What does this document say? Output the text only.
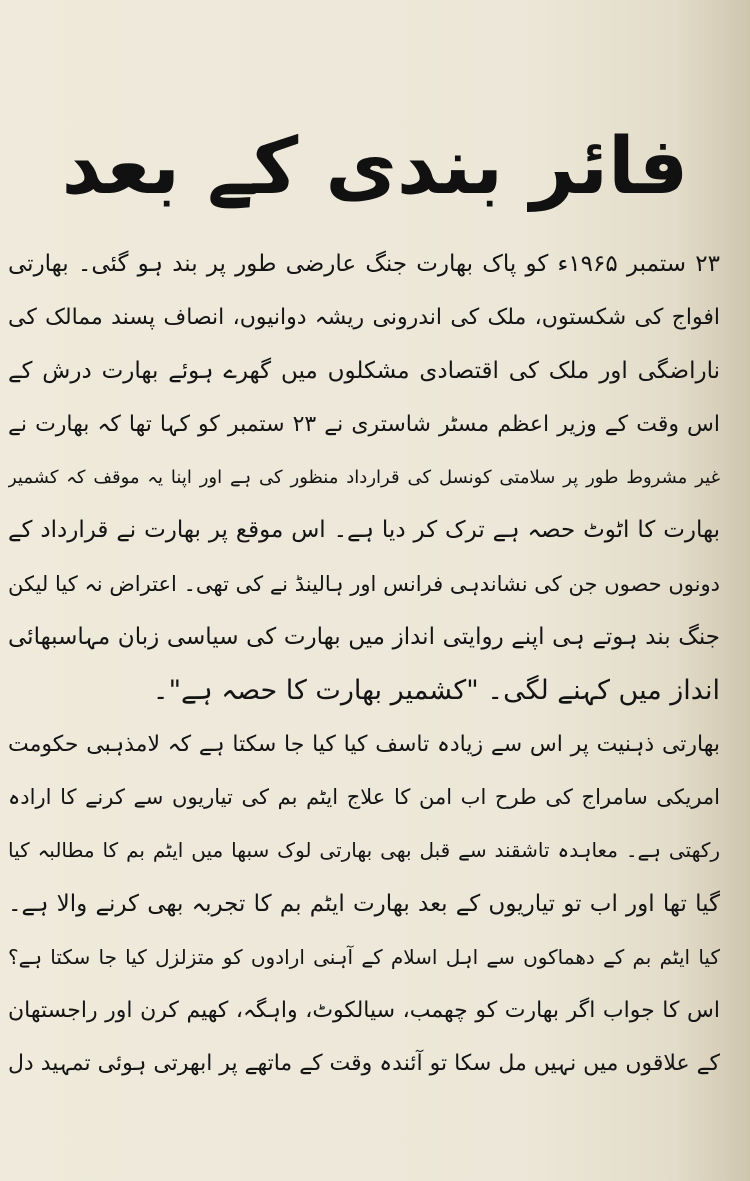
فائر بندی کے بعد
۲۳ ستمبر ۱۹۶۵ء کو پاک بھارت جنگ عارضی طور پر بند ہو گئی۔ بھارتی
افواج کی شکستوں، ملک کی اندرونی ریشہ دوانیوں، انصاف پسند ممالک کی
ناراضگی اور ملک کی اقتصادی مشکلوں میں گھرے ہوئے بھارت درش کے
اس وقت کے وزیر اعظم مسٹر شاستری نے ۲۳ ستمبر کو کہا تھا کہ بھارت نے
غیر مشروط طور پر سلامتی کونسل کی قرارداد منظور کی ہے اور اپنا یہ موقف کہ کشمیر
بھارت کا اٹوٹ حصہ ہے ترک کر دیا ہے۔ اس موقع پر بھارت نے قرارداد کے
دونوں حصوں جن کی نشاندہی فرانس اور ہالینڈ نے کی تھی۔ اعتراض نہ کیا لیکن
جنگ بند ہوتے ہی اپنے روایتی انداز میں بھارت کی سیاسی زبان مہاسبھائی
انداز میں کہنے لگی۔ "کشمیر بھارت کا حصہ ہے"۔
بھارتی ذہنیت پر اس سے زیادہ تاسف کیا کیا جا سکتا ہے کہ لامذہبی حکومت
امریکی سامراج کی طرح اب امن کا علاج ایٹم بم کی تیاریوں سے کرنے کا ارادہ
رکھتی ہے۔ معاہدہ تاشقند سے قبل بھی بھارتی لوک سبھا میں ایٹم بم کا مطالبہ کیا
گیا تھا اور اب تو تیاریوں کے بعد بھارت ایٹم بم کا تجربہ بھی کرنے والا ہے۔
کیا ایٹم بم کے دھماکوں سے اہل اسلام کے آہنی ارادوں کو متزلزل کیا جا سکتا ہے؟
اس کا جواب اگر بھارت کو چھمب، سیالکوٹ، واہگہ، کھیم کرن اور راجستھان
کے علاقوں میں نہیں مل سکا تو آئندہ وقت کے ماتھے پر ابھرتی ہوئی تمہید دل
